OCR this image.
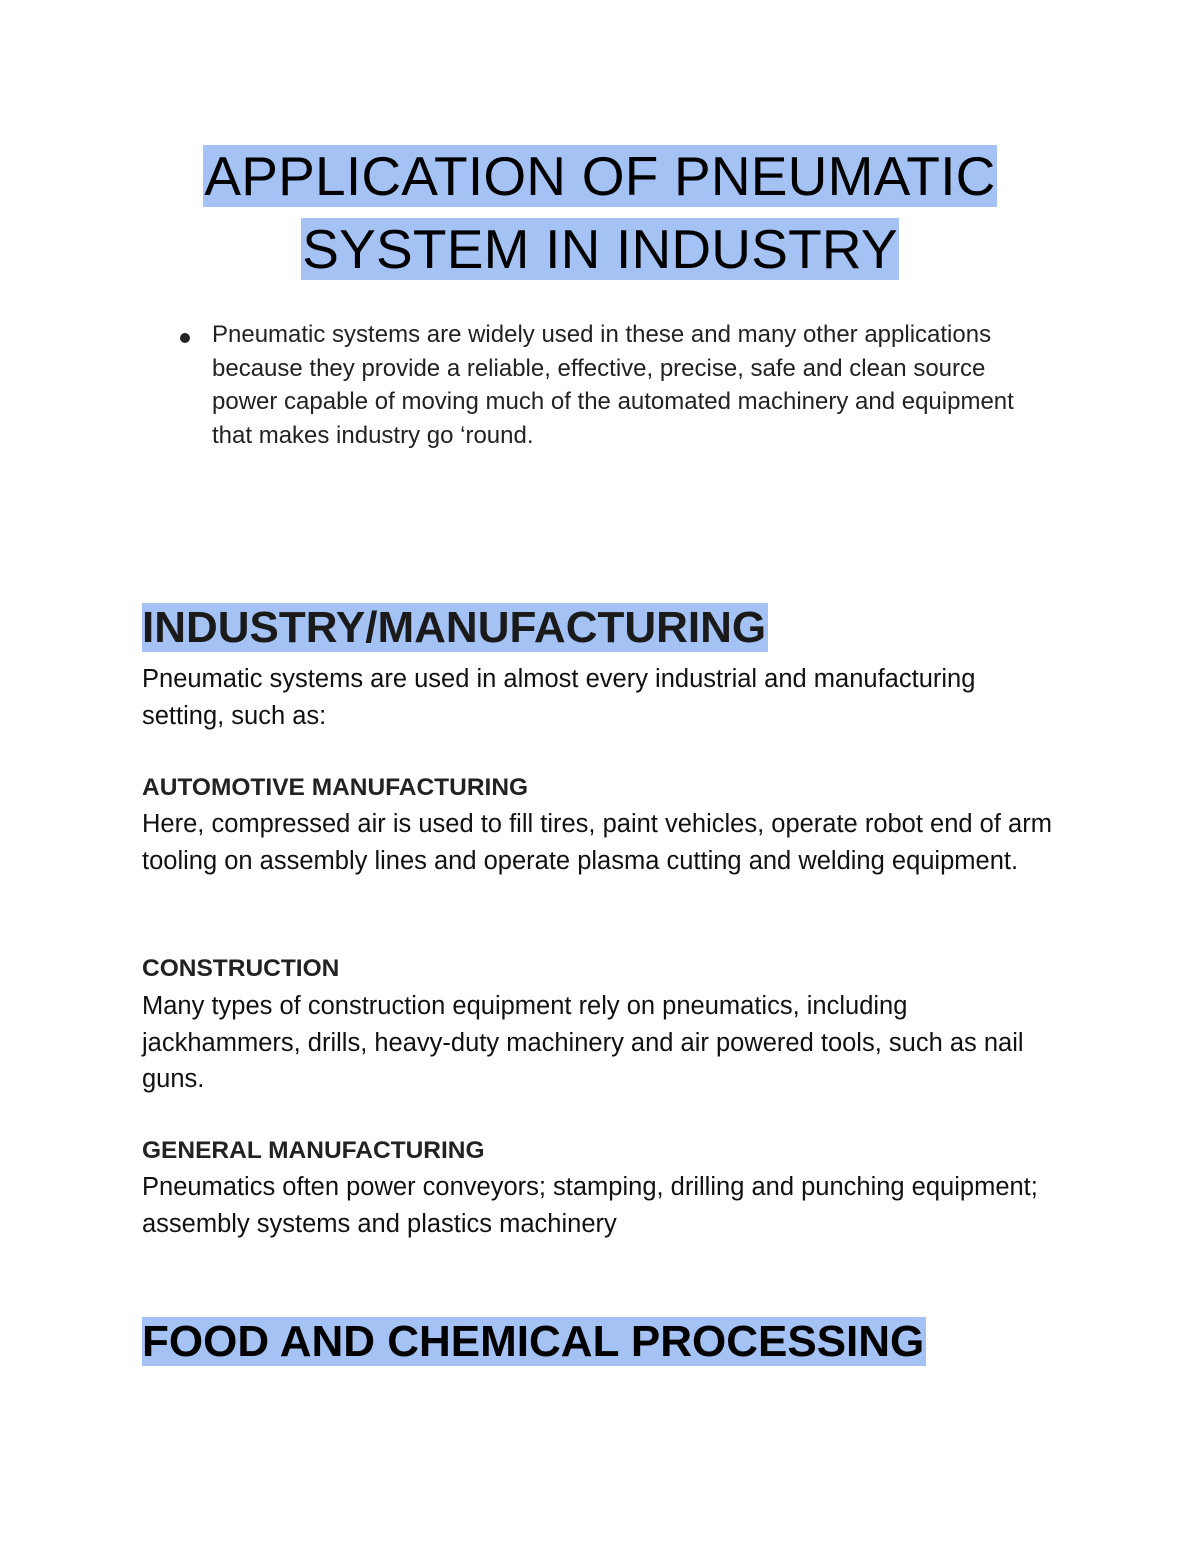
APPLICATION OF PNEUMATIC
SYSTEM IN INDUSTRY
Pneumatic systems are widely used in these and many other applications because they provide a reliable, effective, precise, safe and clean source power capable of moving much of the automated machinery and equipment that makes industry go ‘round.
INDUSTRY/MANUFACTURING

Pneumatic systems are used in almost every industrial and manufacturing setting, such as:

AUTOMOTIVE MANUFACTURING

Here, compressed air is used to fill tires, paint vehicles, operate robot end of arm tooling on assembly lines and operate plasma cutting and welding equipment.

CONSTRUCTION

Many types of construction equipment rely on pneumatics, including jackhammers, drills, heavy-duty machinery and air powered tools, such as nail guns.

GENERAL MANUFACTURING

Pneumatics often power conveyors; stamping, drilling and punching equipment; assembly systems and plastics machinery

FOOD AND CHEMICAL PROCESSING
